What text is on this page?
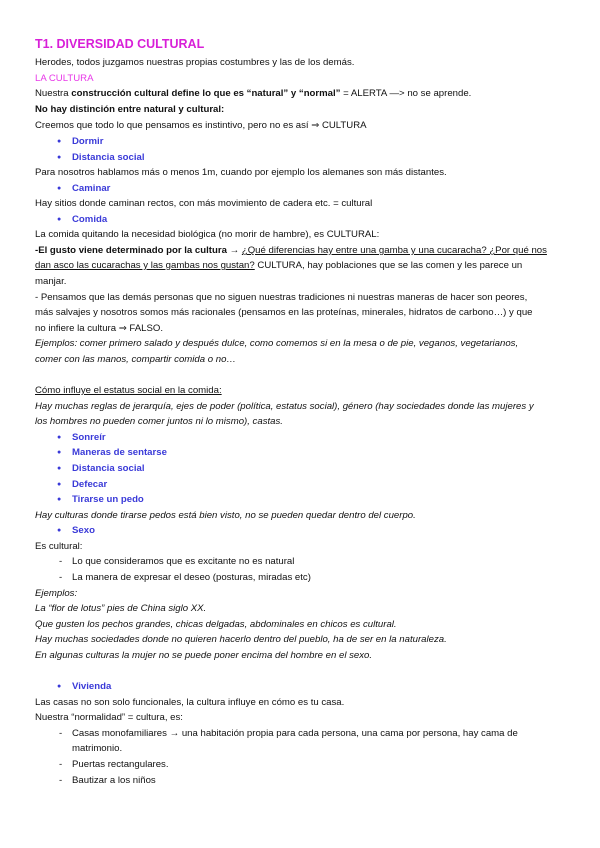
T1. DIVERSIDAD CULTURAL
Herodes, todos juzgamos nuestras propias costumbres y las de los demás.
LA CULTURA
Nuestra construcción cultural define lo que es “natural” y “normal” = ALERTA —> no se aprende.
No hay distinción entre natural y cultural:
Creemos que todo lo que pensamos es instintivo, pero no es así ⇒ CULTURA
● Dormir
● Distancia social
Para nosotros hablamos más o menos 1m, cuando por ejemplo los alemanes son más distantes.
● Caminar
Hay sitios donde caminan rectos, con más movimiento de cadera etc. = cultural
● Comida
La comida quitando la necesidad biológica (no morir de hambre), es CULTURAL:
-El gusto viene determinado por la cultura → ¿Qué diferencias hay entre una gamba y una cucaracha? ¿Por qué nos
dan asco las cucarachas y las gambas nos gustan? CULTURA, hay poblaciones que se las comen y les parece un
manjar.
- Pensamos que las demás personas que no siguen nuestras tradiciones ni nuestras maneras de hacer son peores,
más salvajes y nosotros somos más racionales (pensamos en las proteínas, minerales, hidratos de carbono…) y que
no infiere la cultura ⇒ FALSO.
Ejemplos: comer primero salado y después dulce, como comemos si en la mesa o de pie, veganos, vegetarianos,
comer con las manos, compartir comida o no…
Cómo influye el estatus social en la comida:
Hay muchas reglas de jerarquía, ejes de poder (política, estatus social), género (hay sociedades donde las mujeres y
los hombres no pueden comer juntos ni lo mismo), castas.
● Sonreír
● Maneras de sentarse
● Distancia social
● Defecar
● Tirarse un pedo
Hay culturas donde tirarse pedos está bien visto, no se pueden quedar dentro del cuerpo.
● Sexo
Es cultural:
- Lo que consideramos que es excitante no es natural
- La manera de expresar el deseo (posturas, miradas etc)
Ejemplos:
La “flor de lotus” pies de China siglo XX.
Que gusten los pechos grandes, chicas delgadas, abdominales en chicos es cultural.
Hay muchas sociedades donde no quieren hacerlo dentro del pueblo, ha de ser en la naturaleza.
En algunas culturas la mujer no se puede poner encima del hombre en el sexo.
● Vivienda
Las casas no son solo funcionales, la cultura influye en cómo es tu casa.
Nuestra “normalidad” = cultura, es:
- Casas monofamiliares → una habitación propia para cada persona, una cama por persona, hay cama de
matrimonio.
- Puertas rectangulares.
- Bautizar a los niños
